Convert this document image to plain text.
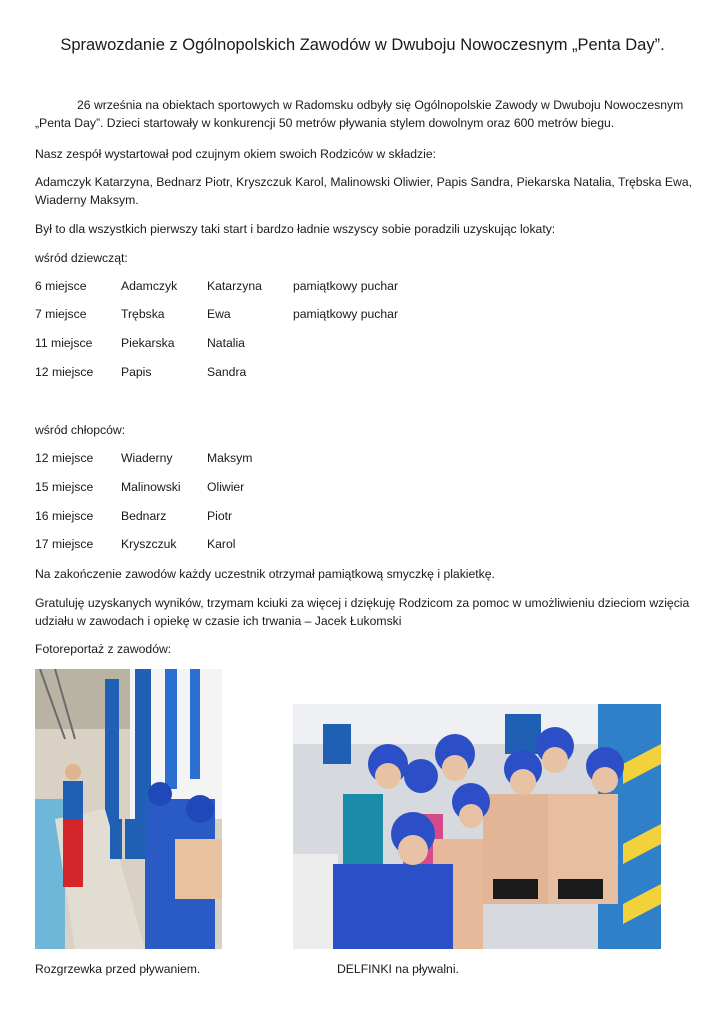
Sprawozdanie z Ogólnopolskich Zawodów w Dwuboju Nowoczesnym „Penta Day”.
26 września na obiektach sportowych w Radomsku odbyły się Ogólnopolskie Zawody w Dwuboju Nowoczesnym „Penta Day”. Dzieci startowały w konkurencji 50 metrów pływania stylem dowolnym oraz 600 metrów biegu.
Nasz zespół wystartował pod czujnym okiem swoich Rodziców w składzie:
Adamczyk Katarzyna, Bednarz Piotr, Kryszczuk Karol, Malinowski Oliwier, Papis Sandra, Piekarska Natalia, Trębska Ewa, Wiaderny Maksym.
Był to dla wszystkich pierwszy taki start i bardzo ładnie wszyscy sobie poradzili uzyskując lokaty:
wśród dziewcząt:
6 miejsce	Adamczyk Katarzyna	pamiątkowy puchar
7 miejsce	Trębska	Ewa	pamiątkowy puchar
11 miejsce Piekarska	Natalia
12 miejsce Papis	Sandra
wśród chłopców:
12 miejsce Wiaderny	Maksym
15 miejsce Malinowski Oliwier
16 miejsce Bednarz	Piotr
17 miejsce Kryszczuk Karol
Na zakończenie zawodów każdy uczestnik otrzymał pamiątkową smyczkę i plakietkę.
Gratuluję uzyskanych wyników, trzymam kciuki za więcej i dziękuję Rodzicom za pomoc w umożliwieniu dzieciom wzięcia udziału w zawodach i opiekę w czasie ich trwania – Jacek Łukomski
Fotoreportaż z zawodów:
Rozgrzewka przed pływaniem.	DELFINKI na pływalni.
